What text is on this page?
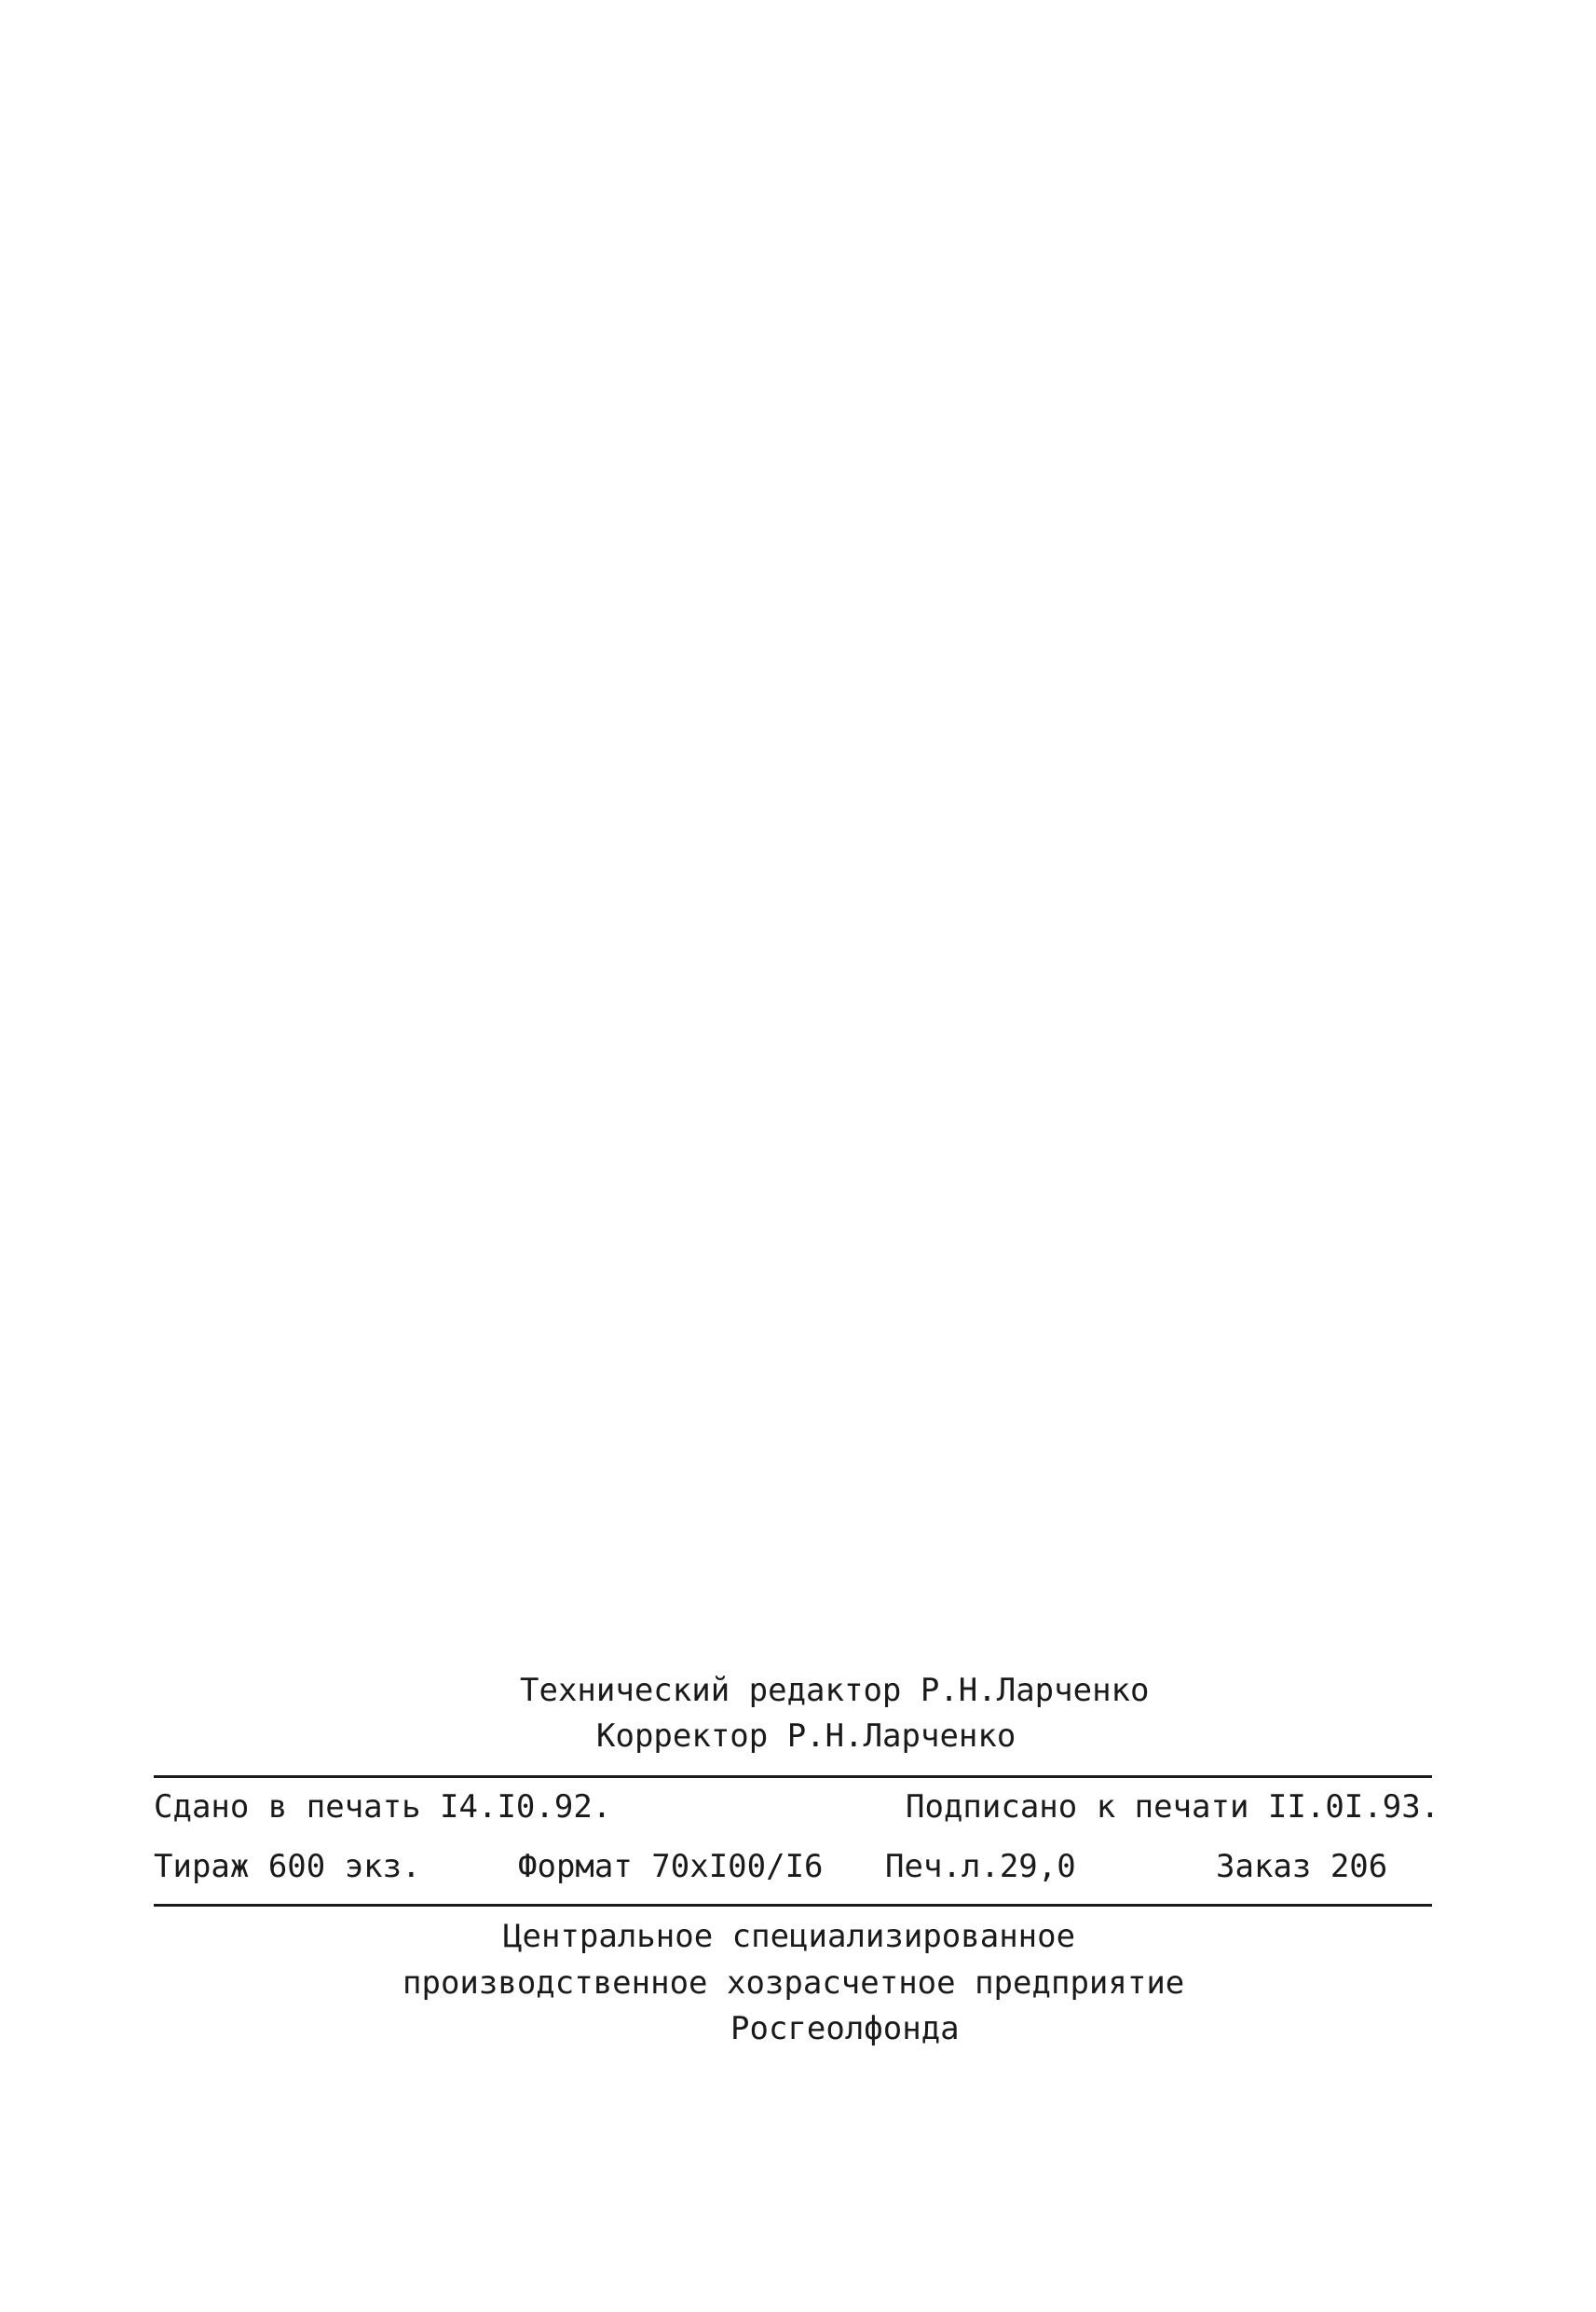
Технический редактор Р.Н.Ларченко
Корректор Р.Н.Ларченко
Сдано в печать I4.I0.92.	Подписано к печати II.0I.93.
Тираж 600 экз.	Формат 70xI00/I6 Печ.л.29,0	Заказ 206
Центральное специализированное
производственное хозрасчетное предприятие
Росгеолфонда
